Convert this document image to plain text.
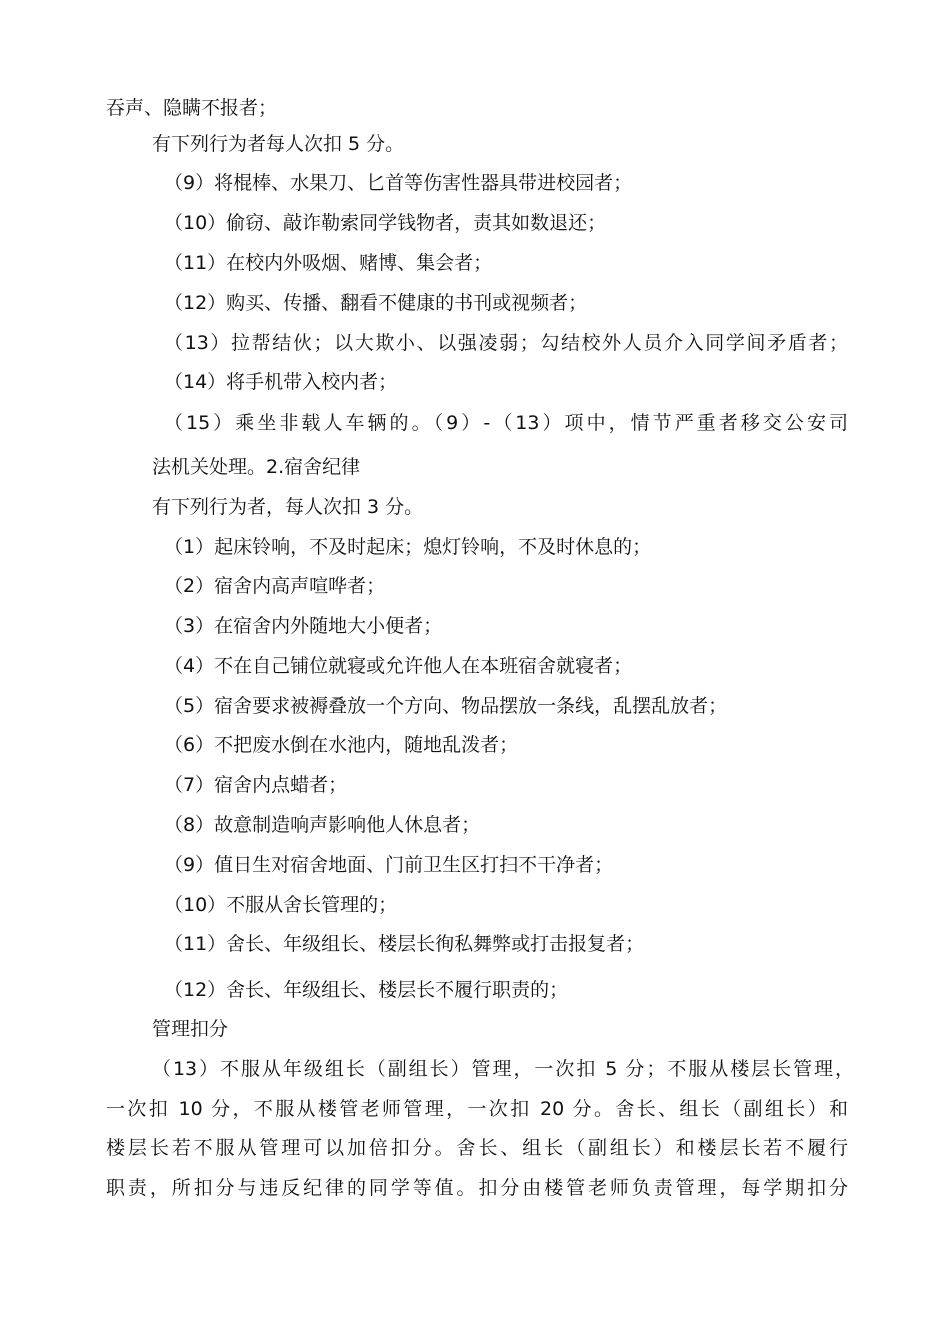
吞声、隐瞒不报者；
有下列行为者每人次扣 5 分。
（9）将棍棒、水果刀、匕首等伤害性器具带进校园者；
（10）偷窃、敲诈勒索同学钱物者，责其如数退还；
（11）在校内外吸烟、赌博、集会者；
（12）购买、传播、翻看不健康的书刊或视频者；
（13）拉帮结伙；以大欺小、以强凌弱；勾结校外人员介入同学间矛盾者；
（14）将手机带入校内者；
（15）乘坐非载人车辆的。（9）-（13）项中，情节严重者移交公安司
法机关处理。2.宿舍纪律
有下列行为者，每人次扣 3 分。
（1）起床铃响，不及时起床；熄灯铃响，不及时休息的；
（2）宿舍内高声喧哗者；
（3）在宿舍内外随地大小便者；
（4）不在自己铺位就寝或允许他人在本班宿舍就寝者；
（5）宿舍要求被褥叠放一个方向、物品摆放一条线，乱摆乱放者；
（6）不把废水倒在水池内，随地乱泼者；
（7）宿舍内点蜡者；
（8）故意制造响声影响他人休息者；
（9）值日生对宿舍地面、门前卫生区打扫不干净者；
（10）不服从舍长管理的；
（11）舍长、年级组长、楼层长徇私舞弊或打击报复者；
（12）舍长、年级组长、楼层长不履行职责的；
管理扣分
（13）不服从年级组长（副组长）管理，一次扣 5 分；不服从楼层长管理，
一次扣 10 分，不服从楼管老师管理，一次扣 20 分。舍长、组长（副组长）和
楼层长若不服从管理可以加倍扣分。舍长、组长（副组长）和楼层长若不履行
职责，所扣分与违反纪律的同学等值。扣分由楼管老师负责管理，每学期扣分
